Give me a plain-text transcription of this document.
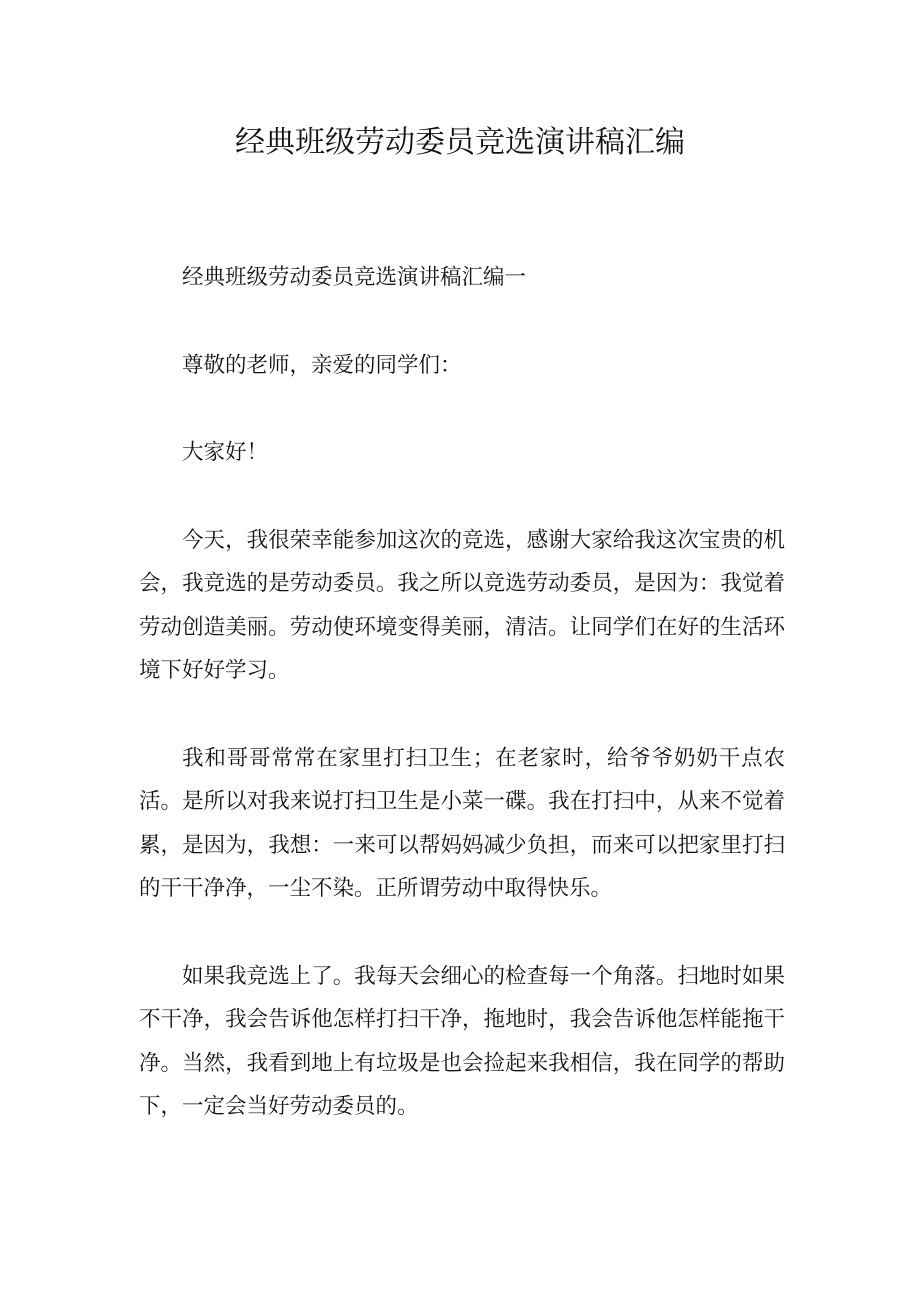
经典班级劳动委员竞选演讲稿汇编

经典班级劳动委员竞选演讲稿汇编一

尊敬的老师，亲爱的同学们：

大家好！

今天，我很荣幸能参加这次的竞选，感谢大家给我这次宝贵的机会，我竞选的是劳动委员。我之所以竞选劳动委员，是因为：我觉着劳动创造美丽。劳动使环境变得美丽，清洁。让同学们在好的生活环境下好好学习。

我和哥哥常常在家里打扫卫生；在老家时，给爷爷奶奶干点农活。是所以对我来说打扫卫生是小菜一碟。我在打扫中，从来不觉着累，是因为，我想：一来可以帮妈妈减少负担，而来可以把家里打扫的干干净净，一尘不染。正所谓劳动中取得快乐。

如果我竞选上了。我每天会细心的检查每一个角落。扫地时如果不干净，我会告诉他怎样打扫干净，拖地时，我会告诉他怎样能拖干净。当然，我看到地上有垃圾是也会捡起来我相信，我在同学的帮助下，一定会当好劳动委员的。
